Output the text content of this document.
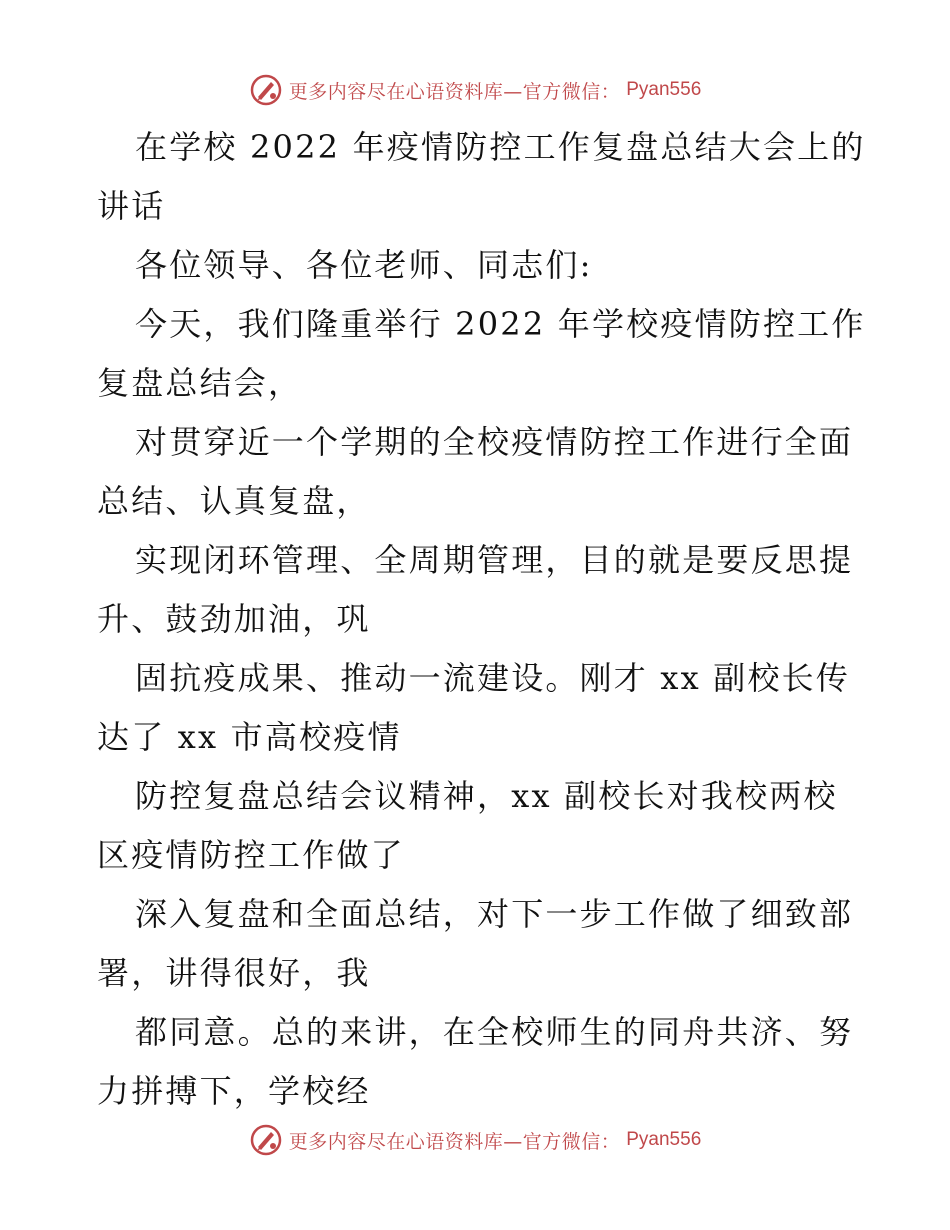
更多内容尽在心语资料库—官方微信： Pyan556
在学校 2022 年疫情防控工作复盘总结大会上的
讲话
各位领导、各位老师、同志们:
今天，我们隆重举行 2022 年学校疫情防控工作
复盘总结会，
对贯穿近一个学期的全校疫情防控工作进行全面
总结、认真复盘，
实现闭环管理、全周期管理，目的就是要反思提
升、鼓劲加油，巩
固抗疫成果、推动一流建设。刚才 xx 副校长传
达了 xx 市高校疫情
防控复盘总结会议精神，xx 副校长对我校两校
区疫情防控工作做了
深入复盘和全面总结，对下一步工作做了细致部
署，讲得很好，我
都同意。总的来讲，在全校师生的同舟共济、努
力拼搏下，学校经
更多内容尽在心语资料库—官方微信： Pyan556
